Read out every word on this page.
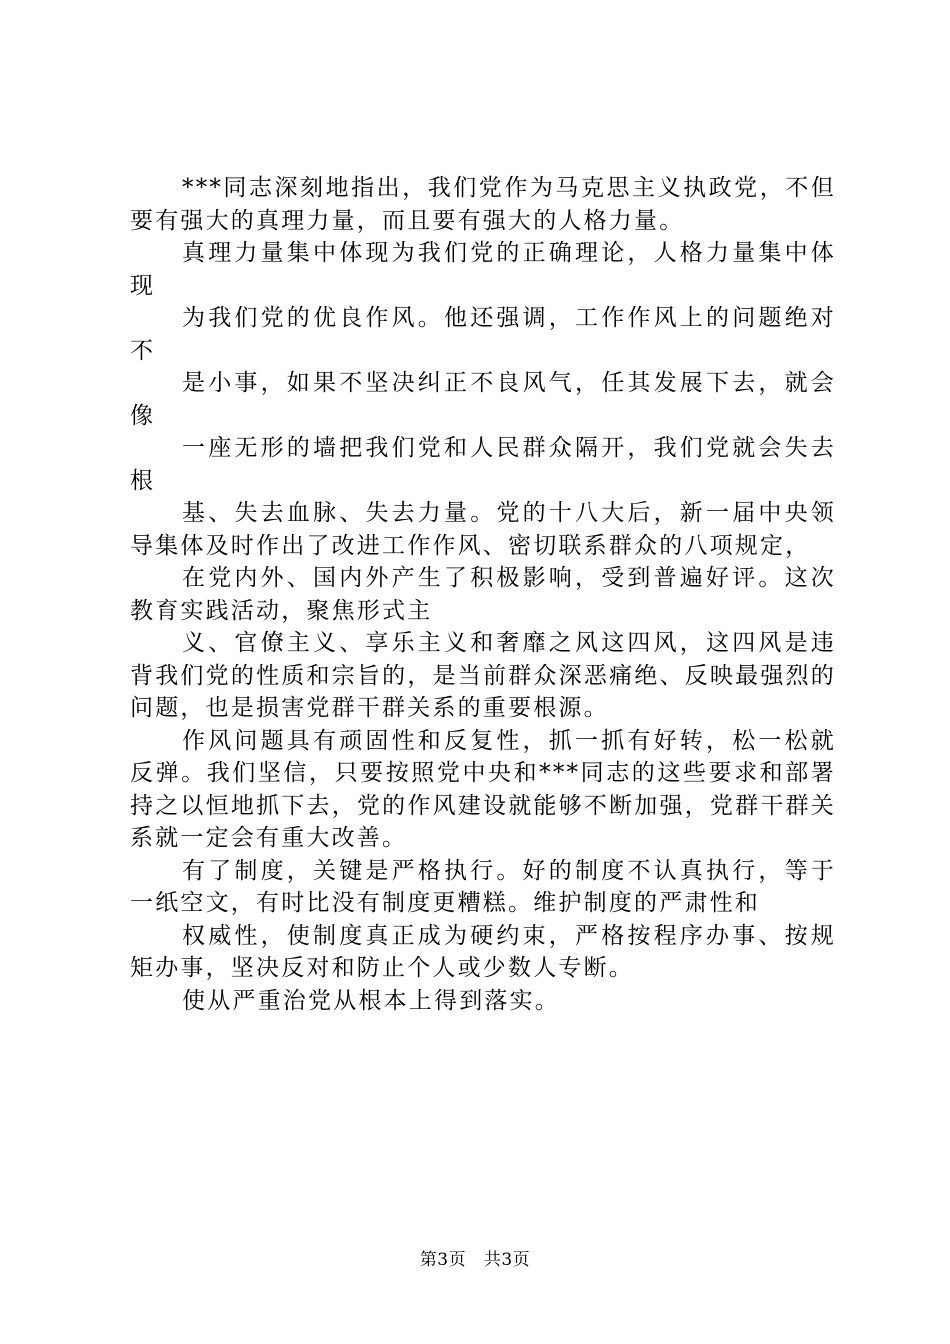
***同志深刻地指出，我们党作为马克思主义执政党，不但要有强大的真理力量，而且要有强大的人格力量。

真理力量集中体现为我们党的正确理论，人格力量集中体现

为我们党的优良作风。他还强调，工作作风上的问题绝对不

是小事，如果不坚决纠正不良风气，任其发展下去，就会像

一座无形的墙把我们党和人民群众隔开，我们党就会失去根

基、失去血脉、失去力量。党的十八大后，新一届中央领导集体及时作出了改进工作作风、密切联系群众的八项规定，

在党内外、国内外产生了积极影响，受到普遍好评。这次教育实践活动，聚焦形式主

义、官僚主义、享乐主义和奢靡之风这四风，这四风是违背我们党的性质和宗旨的，是当前群众深恶痛绝、反映最强烈的问题，也是损害党群干群关系的重要根源。

作风问题具有顽固性和反复性，抓一抓有好转，松一松就反弹。我们坚信，只要按照党中央和***同志的这些要求和部署持之以恒地抓下去，党的作风建设就能够不断加强，党群干群关系就一定会有重大改善。

有了制度，关键是严格执行。好的制度不认真执行，等于一纸空文，有时比没有制度更糟糕。维护制度的严肃性和

权威性，使制度真正成为硬约束，严格按程序办事、按规矩办事，坚决反对和防止个人或少数人专断。

使从严重治党从根本上得到落实。

第3页 共3页
